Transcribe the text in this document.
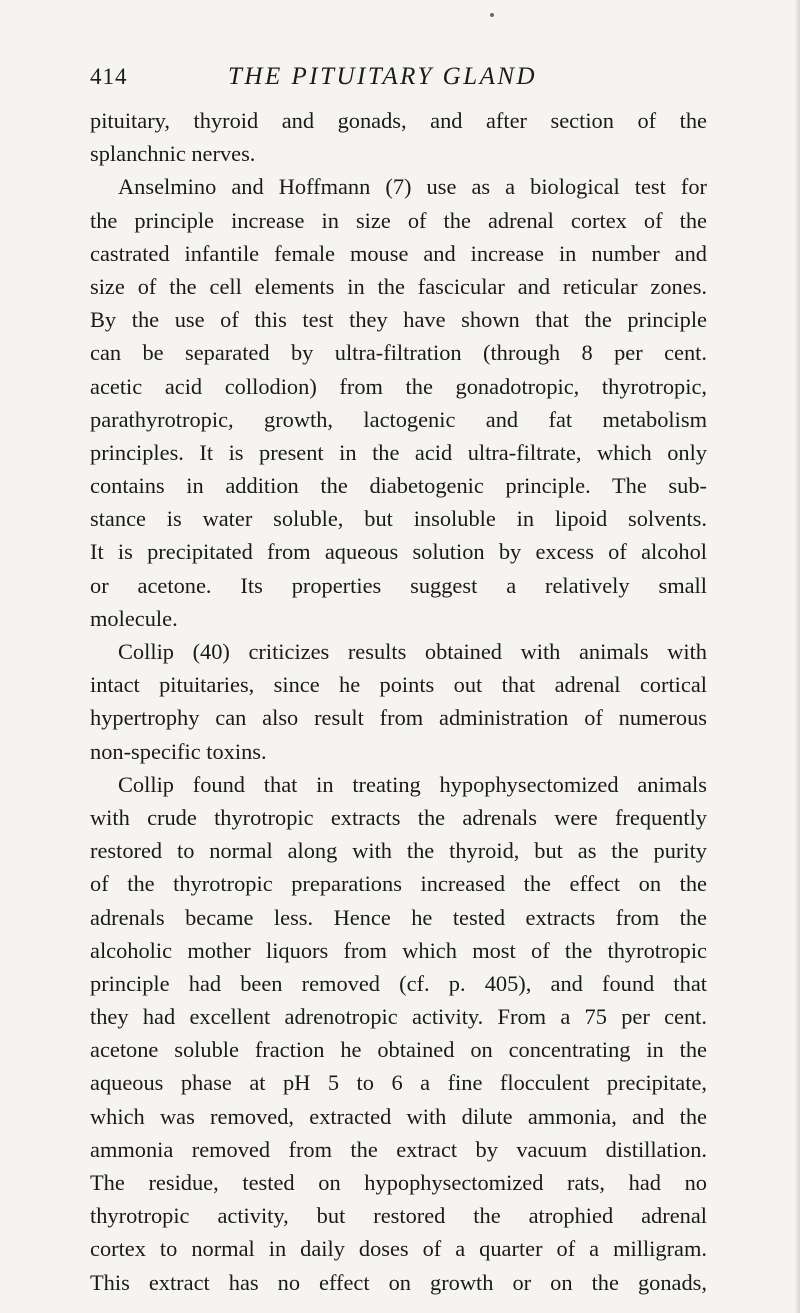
414	THE PITUITARY GLAND
pituitary, thyroid and gonads, and after section of the
splanchnic nerves.
Anselmino and Hoffmann (7) use as a biological test for
the principle increase in size of the adrenal cortex of the
castrated infantile female mouse and increase in number and
size of the cell elements in the fascicular and reticular zones.
By the use of this test they have shown that the principle
can be separated by ultra-filtration (through 8 per cent.
acetic acid collodion) from the gonadotropic, thyrotropic,
parathyrotropic, growth, lactogenic and fat metabolism
principles. It is present in the acid ultra-filtrate, which only
contains in addition the diabetogenic principle. The sub-
stance is water soluble, but insoluble in lipoid solvents.
It is precipitated from aqueous solution by excess of alcohol
or acetone. Its properties suggest a relatively small
molecule.
Collip (40) criticizes results obtained with animals with
intact pituitaries, since he points out that adrenal cortical
hypertrophy can also result from administration of numerous
non-specific toxins.
Collip found that in treating hypophysectomized animals
with crude thyrotropic extracts the adrenals were frequently
restored to normal along with the thyroid, but as the purity
of the thyrotropic preparations increased the effect on the
adrenals became less. Hence he tested extracts from the
alcoholic mother liquors from which most of the thyrotropic
principle had been removed (cf. p. 405), and found that
they had excellent adrenotropic activity. From a 75 per cent.
acetone soluble fraction he obtained on concentrating in the
aqueous phase at pH 5 to 6 a fine flocculent precipitate,
which was removed, extracted with dilute ammonia, and the
ammonia removed from the extract by vacuum distillation.
The residue, tested on hypophysectomized rats, had no
thyrotropic activity, but restored the atrophied adrenal
cortex to normal in daily doses of a quarter of a milligram.
This extract has no effect on growth or on the gonads,
